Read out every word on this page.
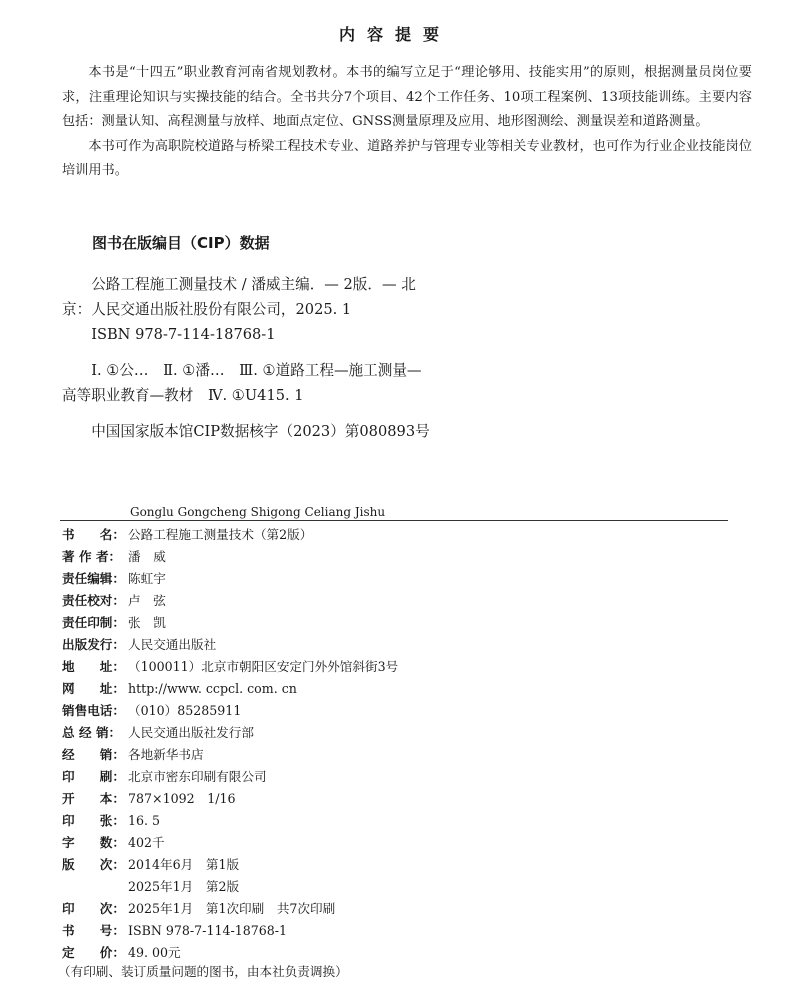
内容提要

本书是“十四五”职业教育河南省规划教材。本书的编写立足于“理论够用、技能实用”的原则，根据测量员岗位要求，注重理论知识与实操技能的结合。全书共分7个项目、42个工作任务、10项工程案例、13项技能训练。主要内容包括：测量认知、高程测量与放样、地面点定位、GNSS测量原理及应用、地形图测绘、测量误差和道路测量。

本书可作为高职院校道路与桥梁工程技术专业、道路养护与管理专业等相关专业教材，也可作为行业企业技能岗位培训用书。

图书在版编目（CIP）数据

公路工程施工测量技术 / 潘威主编．— 2版．— 北

京：人民交通出版社股份有限公司，2025. 1

ISBN 978-7-114-18768-1

Ⅰ. ①公…　Ⅱ. ①潘…　Ⅲ. ①道路工程—施工测量—

高等职业教育—教材　Ⅳ. ①U415. 1

中国国家版本馆CIP数据核字（2023）第080893号

Gonglu Gongcheng Shigong Celiang Jishu
书　　名： 公路工程施工测量技术（第2版）
著 作 者： 潘　威
责任编辑： 陈虹宇
责任校对： 卢　弦
责任印制： 张　凯
出版发行： 人民交通出版社
地　　址： （100011）北京市朝阳区安定门外外馆斜街3号
网　　址： http://www. ccpcl. com. cn
销售电话： （010）85285911
总 经 销： 人民交通出版社发行部
经　　销： 各地新华书店
印　　刷： 北京市密东印刷有限公司
开　　本： 787×1092　1/16
印　　张： 16. 5
字　　数： 402千
版　　次： 2014年6月　第1版
2025年1月　第2版
印　　次： 2025年1月　第1次印刷　共7次印刷
书　　号： ISBN 978-7-114-18768-1
定　　价： 49. 00元
（有印刷、装订质量问题的图书，由本社负责调换）
